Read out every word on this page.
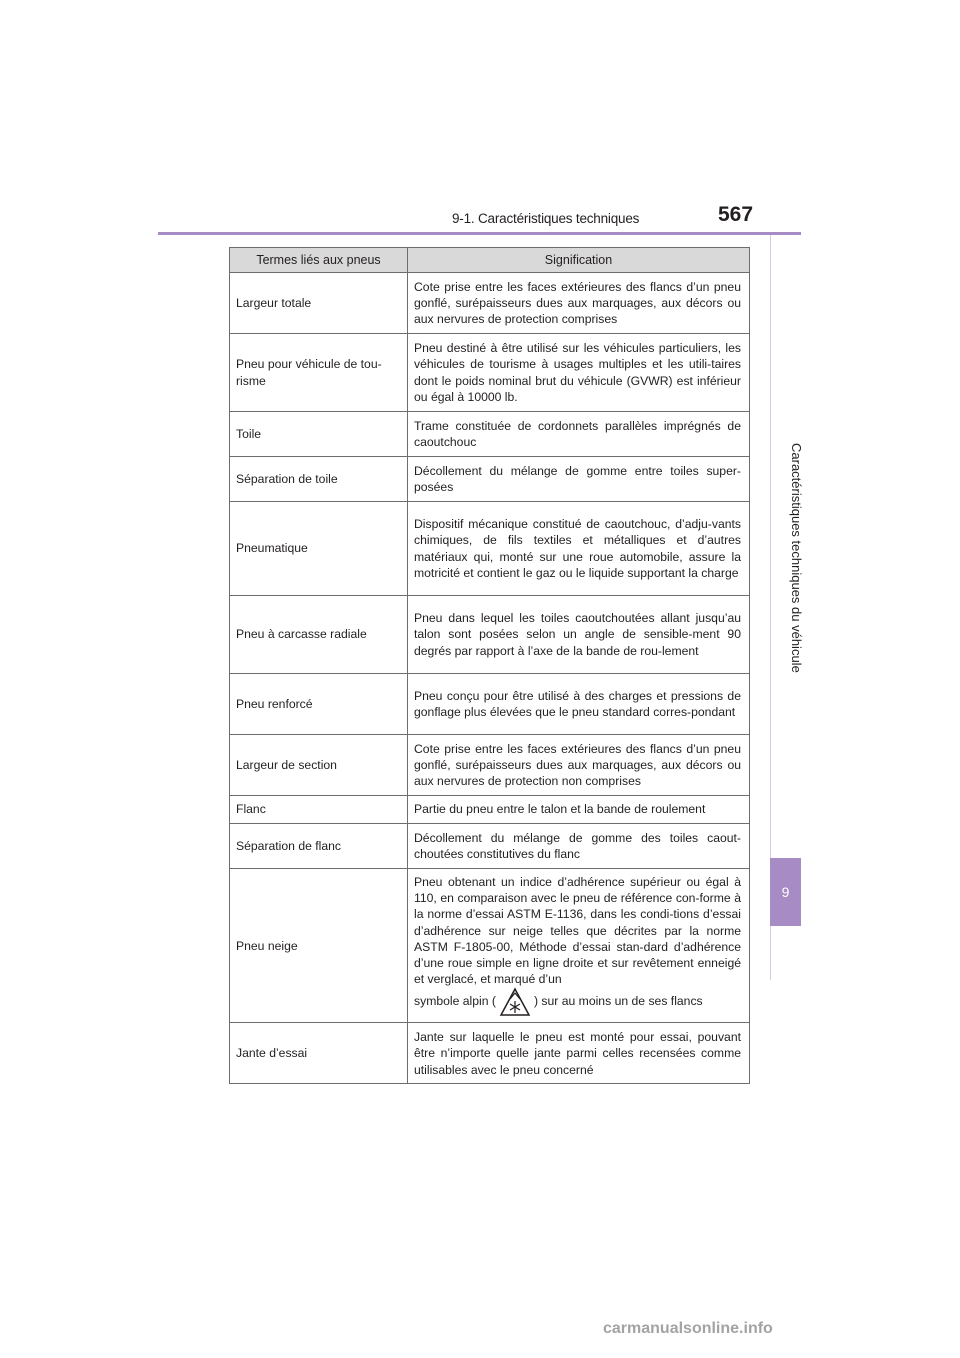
9-1. Caractéristiques techniques	567
Caractéristiques techniques du véhicule
9
Termes liés aux pneus	Signification
Largeur totale	Cote prise entre les faces extérieures des flancs d’un pneu gonflé, surépaisseurs dues aux marquages, aux décors ou aux nervures de protection comprises
Pneu pour véhicule de tou-risme	Pneu destiné à être utilisé sur les véhicules particuliers, les véhicules de tourisme à usages multiples et les utili-taires dont le poids nominal brut du véhicule (GVWR) est inférieur ou égal à 10000 lb.
Toile	Trame constituée de cordonnets parallèles imprégnés de caoutchouc
Séparation de toile	Décollement du mélange de gomme entre toiles super-posées
Pneumatique	Dispositif mécanique constitué de caoutchouc, d’adju-vants chimiques, de fils textiles et métalliques et d’autres matériaux qui, monté sur une roue automobile, assure la motricité et contient le gaz ou le liquide supportant la charge
Pneu à carcasse radiale	Pneu dans lequel les toiles caoutchoutées allant jusqu’au talon sont posées selon un angle de sensible-ment 90 degrés par rapport à l’axe de la bande de rou-lement
Pneu renforcé	Pneu conçu pour être utilisé à des charges et pressions de gonflage plus élevées que le pneu standard corres-pondant
Largeur de section	Cote prise entre les faces extérieures des flancs d’un pneu gonflé, surépaisseurs dues aux marquages, aux décors ou aux nervures de protection non comprises
Flanc	Partie du pneu entre le talon et la bande de roulement
Séparation de flanc	Décollement du mélange de gomme des toiles caout-choutées constitutives du flanc
Pneu neige	Pneu obtenant un indice d’adhérence supérieur ou égal à 110, en comparaison avec le pneu de référence con-forme à la norme d’essai ASTM E-1136, dans les condi-tions d’essai d’adhérence sur neige telles que décrites par la norme ASTM F-1805-00, Méthode d’essai stan-dard d’adhérence d’une roue simple en ligne droite et sur revêtement enneigé et verglacé, et marqué d’un
symbole alpin ( ) sur au moins un de ses flancs
Jante d’essai	Jante sur laquelle le pneu est monté pour essai, pouvant être n’importe quelle jante parmi celles recensées comme utilisables avec le pneu concerné
carmanualsonline.info
